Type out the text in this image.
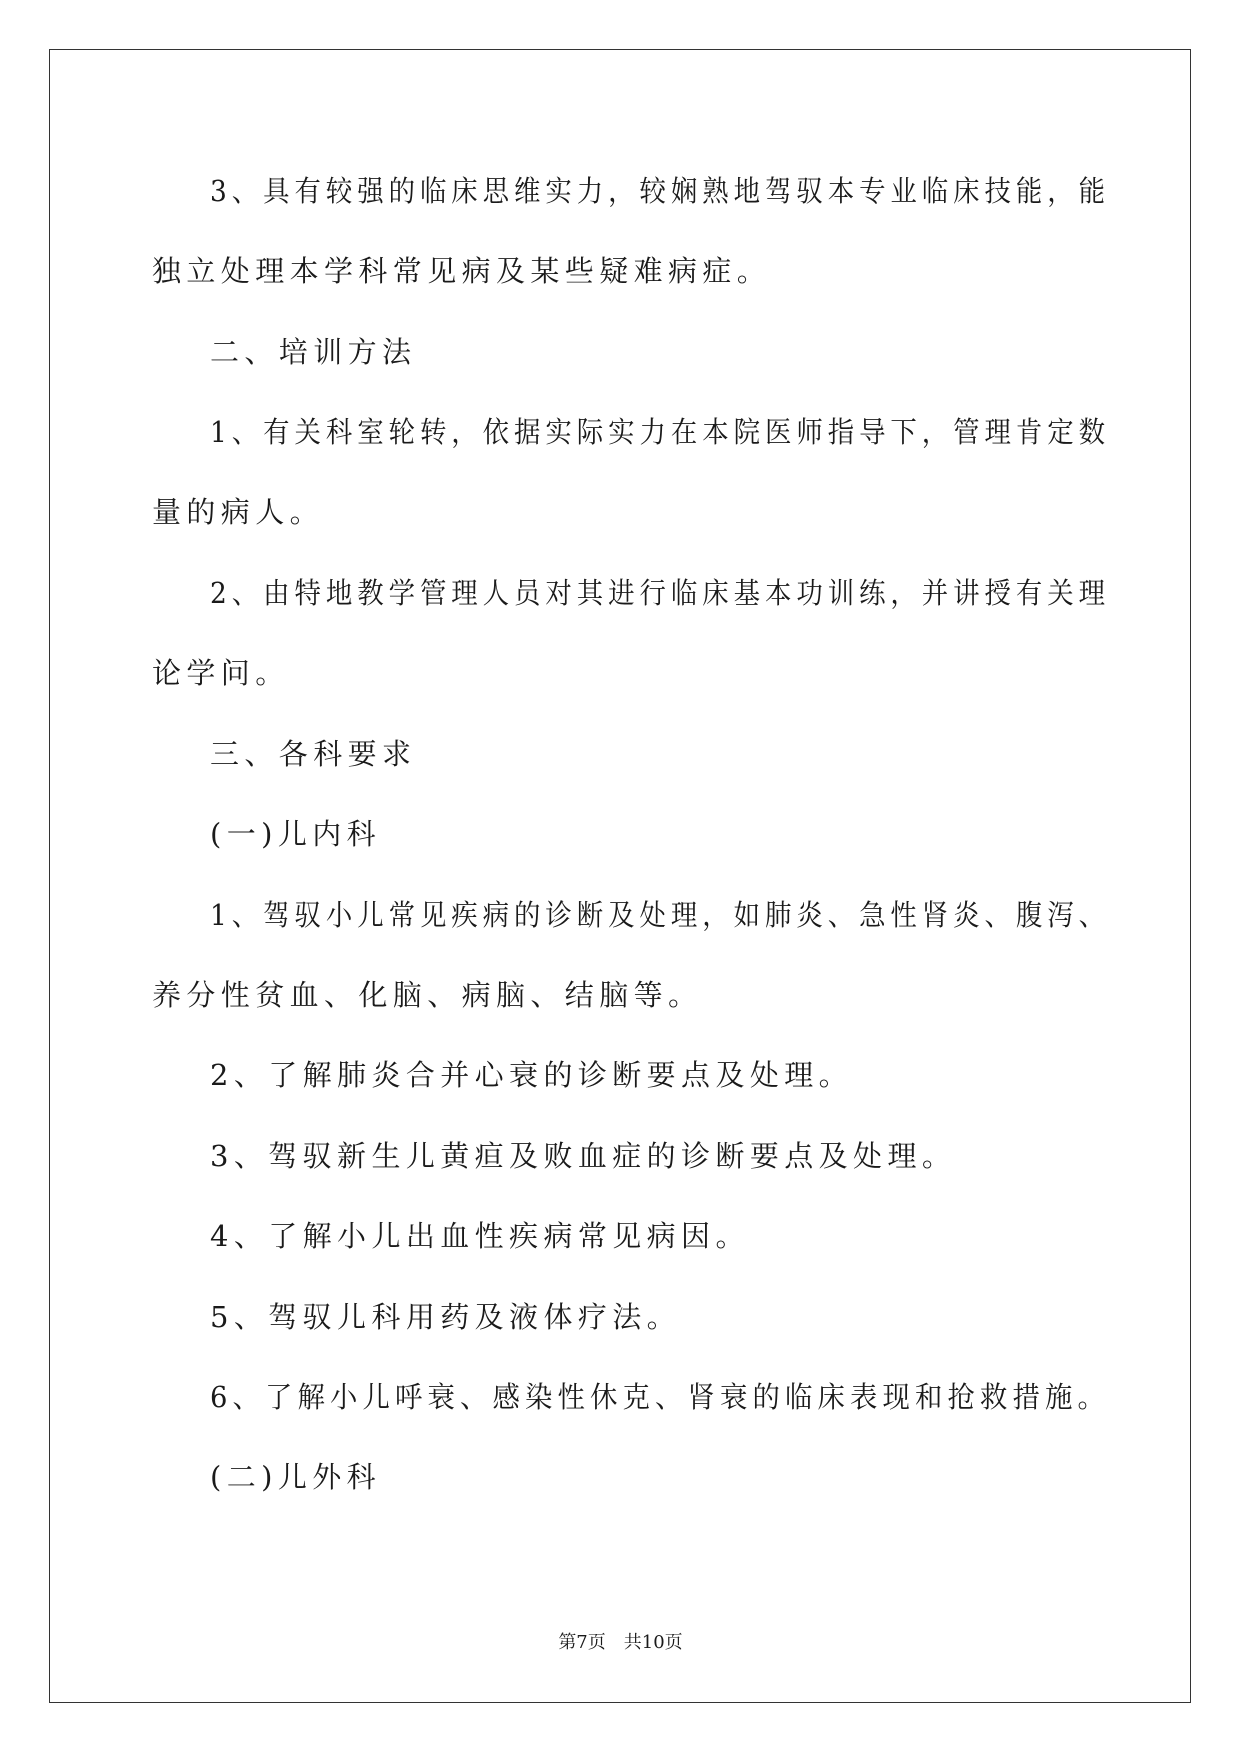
3、具有较强的临床思维实力，较娴熟地驾驭本专业临床技能，能
独立处理本学科常见病及某些疑难病症。
二、培训方法
1、有关科室轮转，依据实际实力在本院医师指导下，管理肯定数
量的病人。
2、由特地教学管理人员对其进行临床基本功训练，并讲授有关理
论学问。
三、各科要求
(一)儿内科
1、驾驭小儿常见疾病的诊断及处理，如肺炎、急性肾炎、腹泻、
养分性贫血、化脑、病脑、结脑等。
2、了解肺炎合并心衰的诊断要点及处理。
3、驾驭新生儿黄疸及败血症的诊断要点及处理。
4、了解小儿出血性疾病常见病因。
5、驾驭儿科用药及液体疗法。
6、了解小儿呼衰、感染性休克、肾衰的临床表现和抢救措施。
(二)儿外科
第7页　共10页
